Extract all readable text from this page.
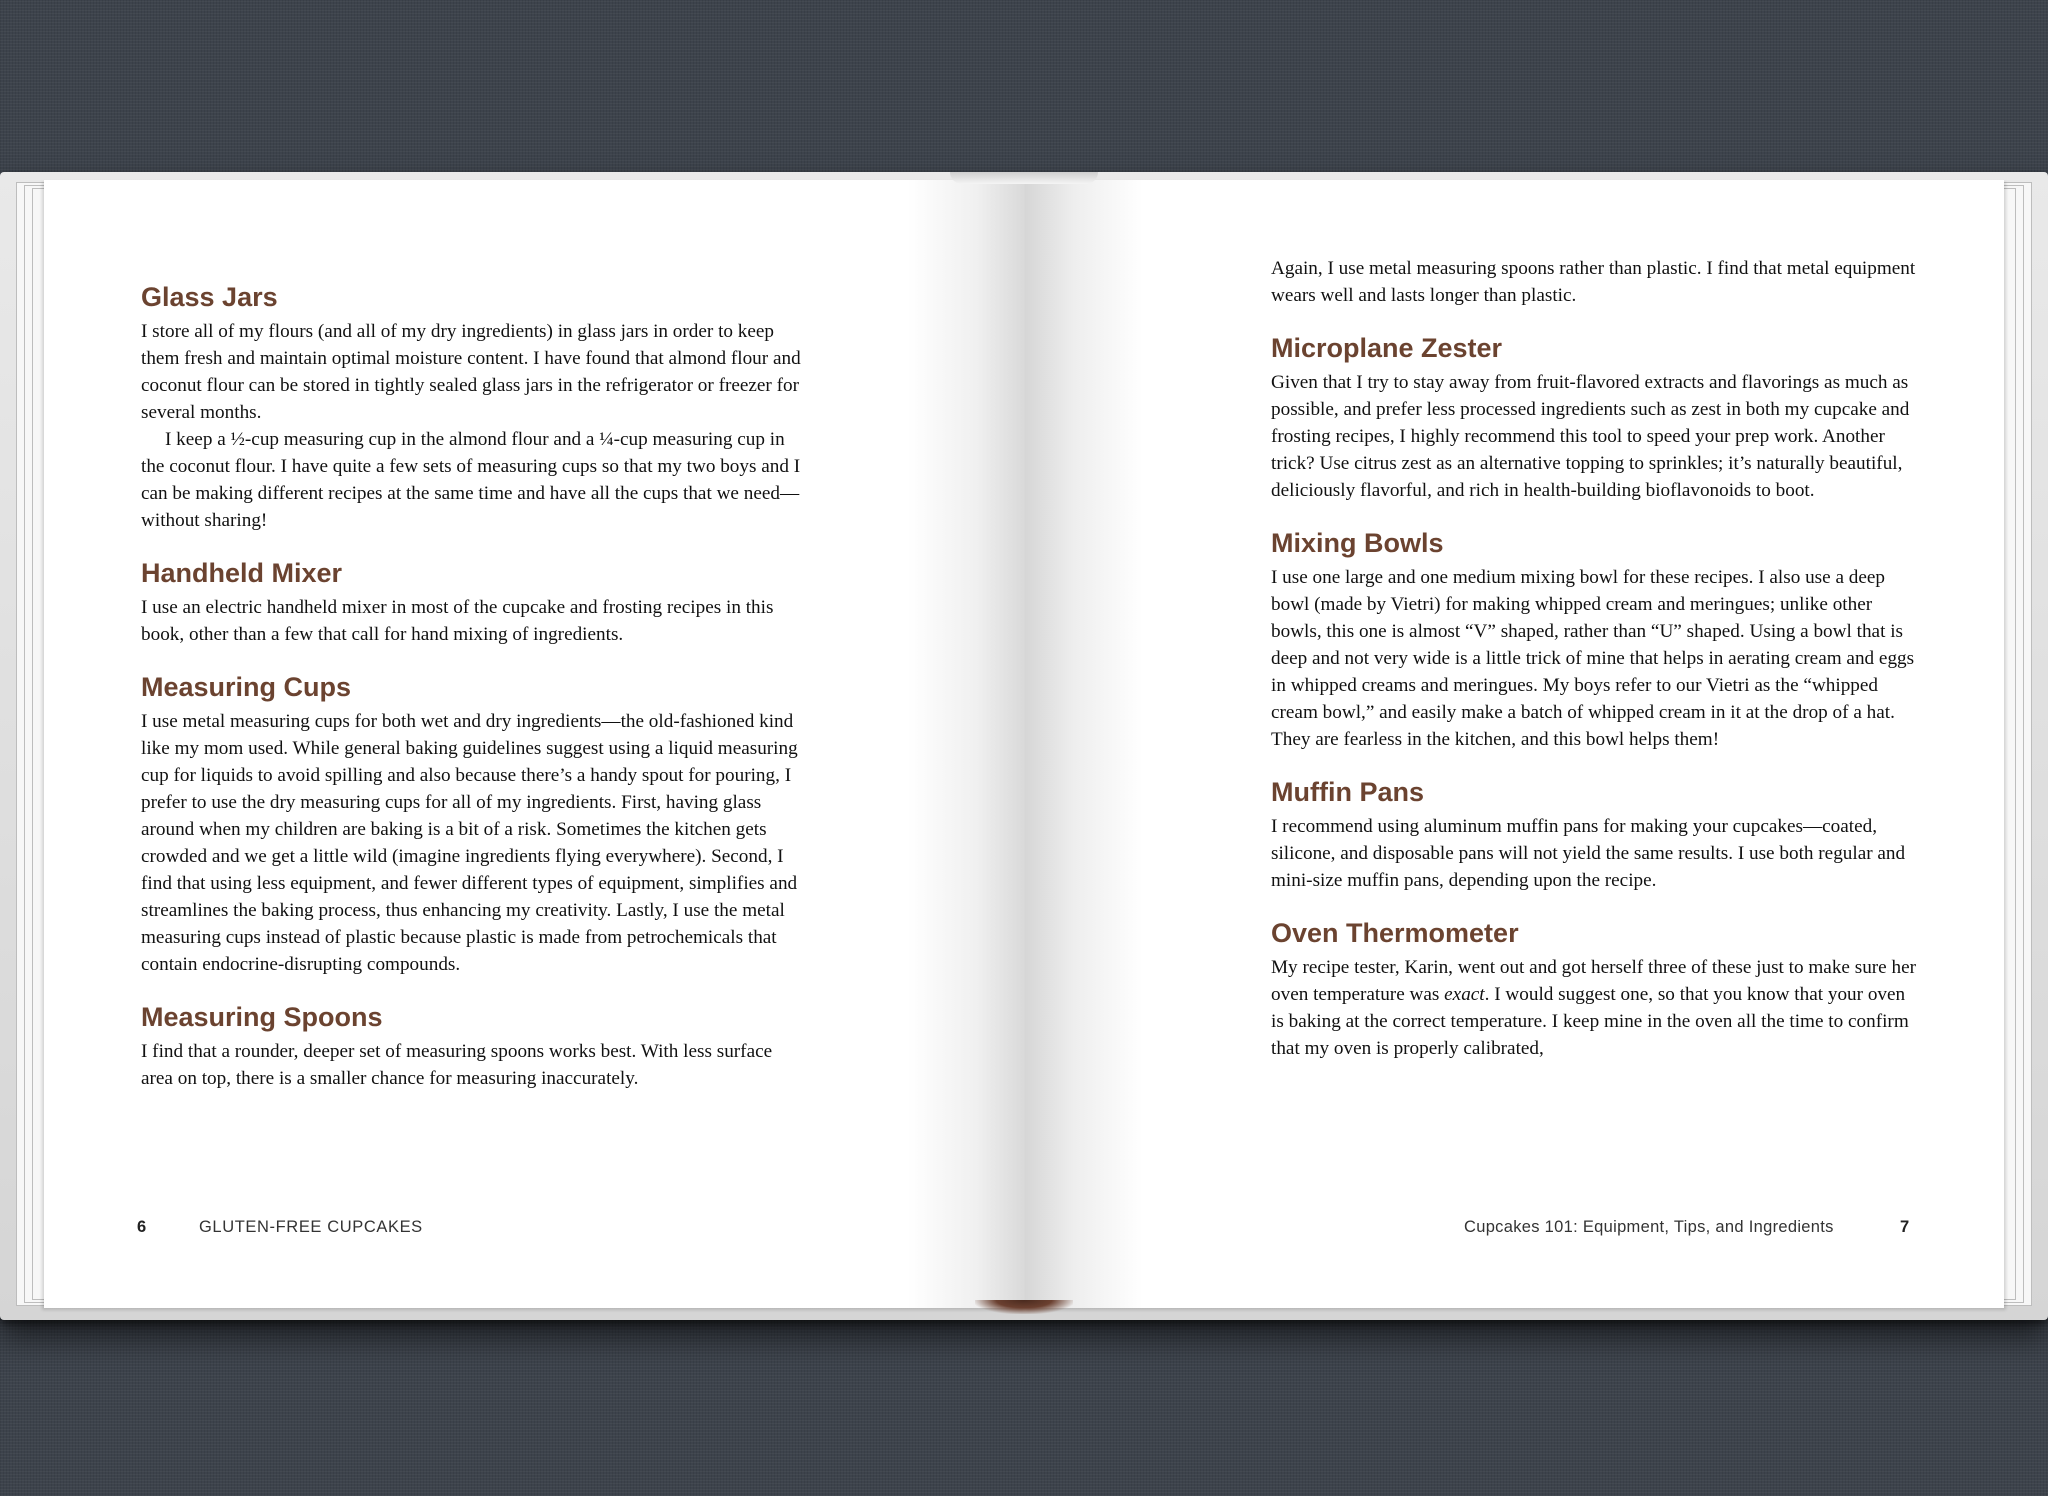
Glass Jars

I store all of my flours (and all of my dry ingredients) in glass jars in order to keep them fresh and maintain optimal moisture content. I have found that almond flour and coconut flour can be stored in tightly sealed glass jars in the refrigerator or freezer for several months.

I keep a ½-cup measuring cup in the almond flour and a ¼-cup measuring cup in the coconut flour. I have quite a few sets of measuring cups so that my two boys and I can be making different recipes at the same time and have all the cups that we need—without sharing!

Handheld Mixer

I use an electric handheld mixer in most of the cupcake and frosting recipes in this book, other than a few that call for hand mixing of ingredients.

Measuring Cups

I use metal measuring cups for both wet and dry ingredients—the old-fashioned kind like my mom used. While general baking guidelines suggest using a liquid measuring cup for liquids to avoid spilling and also because there’s a handy spout for pouring, I prefer to use the dry measuring cups for all of my ingredients. First, having glass around when my children are baking is a bit of a risk. Sometimes the kitchen gets crowded and we get a little wild (imagine ingredients flying everywhere). Second, I find that using less equipment, and fewer different types of equipment, simplifies and streamlines the baking process, thus enhancing my creativity. Lastly, I use the metal measuring cups instead of plastic because plastic is made from petrochemicals that contain endocrine-disrupting compounds.

Measuring Spoons

I find that a rounder, deeper set of measuring spoons works best. With less surface area on top, there is a smaller chance for measuring inaccurately.

6	GLUTEN-FREE CUPCAKES

Again, I use metal measuring spoons rather than plastic. I find that metal equipment wears well and lasts longer than plastic.

Microplane Zester

Given that I try to stay away from fruit-flavored extracts and flavorings as much as possible, and prefer less processed ingredients such as zest in both my cupcake and frosting recipes, I highly recommend this tool to speed your prep work. Another trick? Use citrus zest as an alternative topping to sprinkles; it’s naturally beautiful, deliciously flavorful, and rich in health-building bioflavonoids to boot.

Mixing Bowls

I use one large and one medium mixing bowl for these recipes. I also use a deep bowl (made by Vietri) for making whipped cream and meringues; unlike other bowls, this one is almost “V” shaped, rather than “U” shaped. Using a bowl that is deep and not very wide is a little trick of mine that helps in aerating cream and eggs in whipped creams and meringues. My boys refer to our Vietri as the “whipped cream bowl,” and easily make a batch of whipped cream in it at the drop of a hat. They are fearless in the kitchen, and this bowl helps them!

Muffin Pans

I recommend using aluminum muffin pans for making your cupcakes—coated, silicone, and disposable pans will not yield the same results. I use both regular and mini-size muffin pans, depending upon the recipe.

Oven Thermometer

My recipe tester, Karin, went out and got herself three of these just to make sure her oven temperature was exact. I would suggest one, so that you know that your oven is baking at the correct temperature. I keep mine in the oven all the time to confirm that my oven is properly calibrated,

Cupcakes 101: Equipment, Tips, and Ingredients	7
